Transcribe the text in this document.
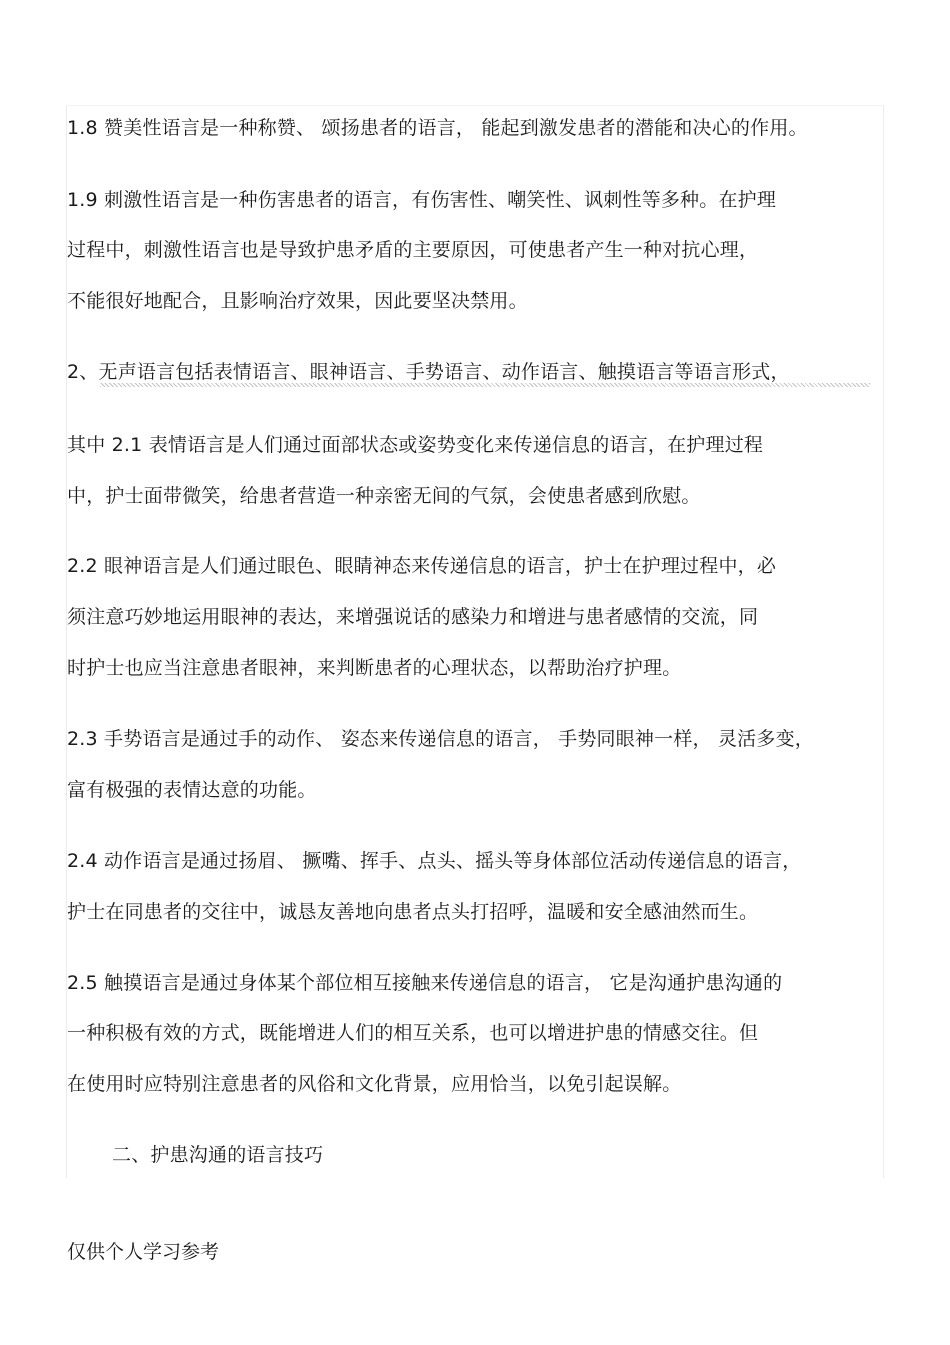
1.8 赞美性语言是一种称赞、 颂扬患者的语言， 能起到激发患者的潜能和决心的作用。
1.9 刺激性语言是一种伤害患者的语言，有伤害性、嘲笑性、讽刺性等多种。在护理
过程中，刺激性语言也是导致护患矛盾的主要原因，可使患者产生一种对抗心理，
不能很好地配合，且影响治疗效果，因此要坚决禁用。
2、无声语言包括表情语言、眼神语言、手势语言、动作语言、触摸语言等语言形式，
其中 2.1 表情语言是人们通过面部状态或姿势变化来传递信息的语言，在护理过程
中，护士面带微笑，给患者营造一种亲密无间的气氛，会使患者感到欣慰。
2.2 眼神语言是人们通过眼色、眼睛神态来传递信息的语言，护士在护理过程中，必
须注意巧妙地运用眼神的表达，来增强说话的感染力和增进与患者感情的交流，同
时护士也应当注意患者眼神，来判断患者的心理状态，以帮助治疗护理。
2.3 手势语言是通过手的动作、 姿态来传递信息的语言， 手势同眼神一样， 灵活多变，
富有极强的表情达意的功能。
2.4 动作语言是通过扬眉、 撅嘴、挥手、点头、摇头等身体部位活动传递信息的语言，
护士在同患者的交往中，诚恳友善地向患者点头打招呼，温暖和安全感油然而生。
2.5 触摸语言是通过身体某个部位相互接触来传递信息的语言， 它是沟通护患沟通的
一种积极有效的方式，既能增进人们的相互关系，也可以增进护患的情感交往。但
在使用时应特别注意患者的风俗和文化背景，应用恰当，以免引起误解。
二、护患沟通的语言技巧
仅供个人学习参考
